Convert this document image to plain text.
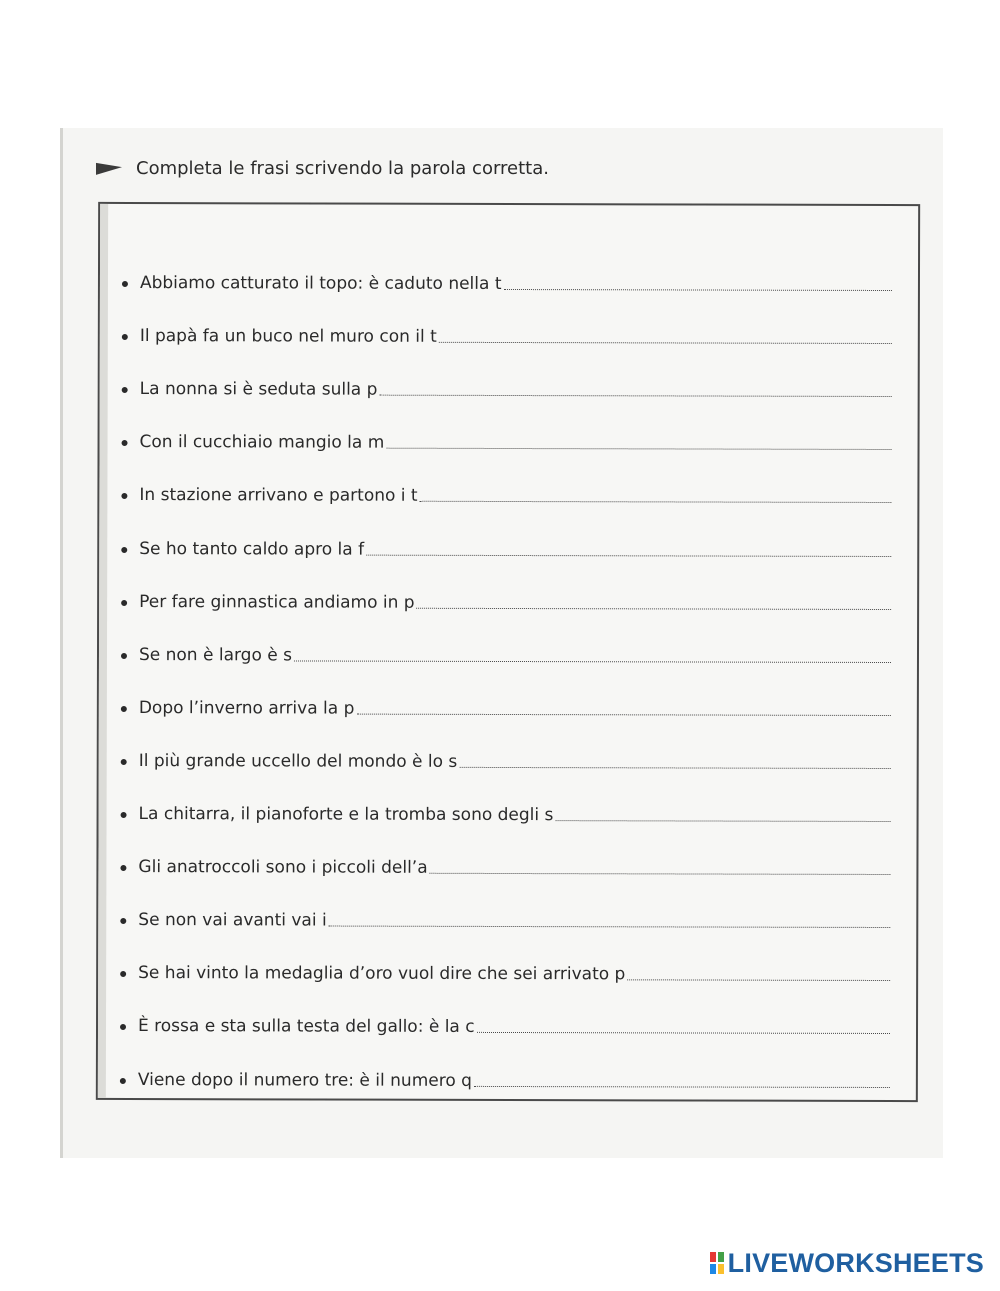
Completa le frasi scrivendo la parola corretta.
Abbiamo catturato il topo: è caduto nella t
Il papà fa un buco nel muro con il t
La nonna si è seduta sulla p
Con il cucchiaio mangio la m
In stazione arrivano e partono i t
Se ho tanto caldo apro la f
Per fare ginnastica andiamo in p
Se non è largo è s
Dopo l’inverno arriva la p
Il più grande uccello del mondo è lo s
La chitarra, il pianoforte e la tromba sono degli s
Gli anatroccoli sono i piccoli dell’a
Se non vai avanti vai i
Se hai vinto la medaglia d’oro vuol dire che sei arrivato p
È rossa e sta sulla testa del gallo: è la c
Viene dopo il numero tre: è il numero q
LIVEWORKSHEETS
